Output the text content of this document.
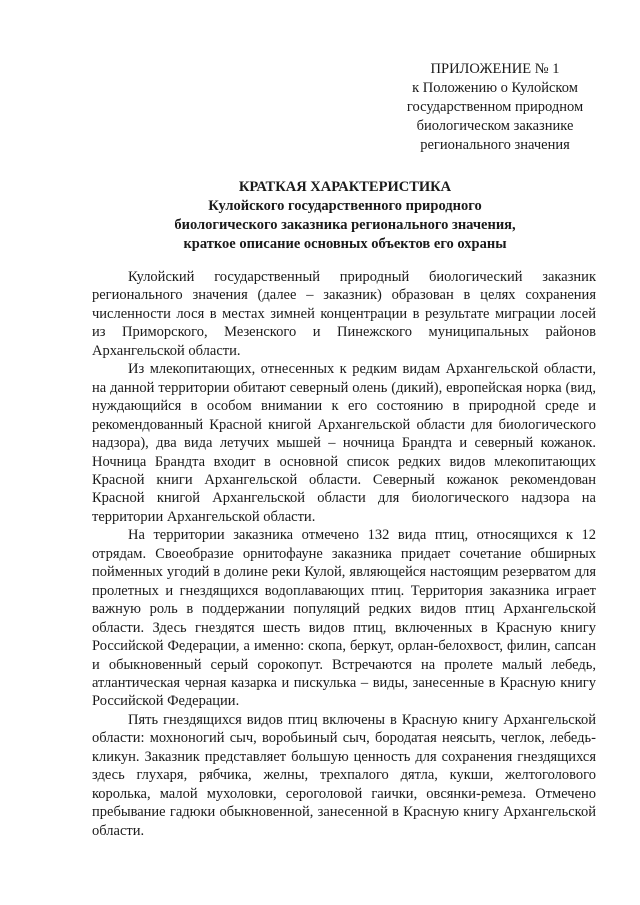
ПРИЛОЖЕНИЕ № 1
к Положению о Кулойском
государственном природном
биологическом заказнике
регионального значения
КРАТКАЯ ХАРАКТЕРИСТИКА
Кулойского государственного природного
биологического заказника регионального значения,
краткое описание основных объектов его охраны

Кулойский государственный природный биологический заказник регионального значения (далее – заказник) образован в целях сохранения численности лося в местах зимней концентрации в результате миграции лосей из Приморского, Мезенского и Пинежского муниципальных районов Архангельской области.

Из млекопитающих, отнесенных к редким видам Архангельской области, на данной территории обитают северный олень (дикий), европейская норка (вид, нуждающийся в особом внимании к его состоянию в природной среде и рекомендованный Красной книгой Архангельской области для биологического надзора), два вида летучих мышей – ночница Брандта и северный кожанок. Ночница Брандта входит в основной список редких видов млекопитающих Красной книги Архангельской области. Северный кожанок рекомендован Красной книгой Архангельской области для биологического надзора на территории Архангельской области.

На территории заказника отмечено 132 вида птиц, относящихся к 12 отрядам. Своеобразие орнитофауне заказника придает сочетание обширных пойменных угодий в долине реки Кулой, являющейся настоящим резерватом для пролетных и гнездящихся водоплавающих птиц. Территория заказника играет важную роль в поддержании популяций редких видов птиц Архангельской области. Здесь гнездятся шесть видов птиц, включенных в Красную книгу Российской Федерации, а именно: скопа, беркут, орлан-белохвост, филин, сапсан и обыкновенный серый сорокопут. Встречаются на пролете малый лебедь, атлантическая черная казарка и пискулька – виды, занесенные в Красную книгу Российской Федерации.

Пять гнездящихся видов птиц включены в Красную книгу Архангельской области: мохноногий сыч, воробьиный сыч, бородатая неясыть, чеглок, лебедь-кликун. Заказник представляет большую ценность для сохранения гнездящихся здесь глухаря, рябчика, желны, трехпалого дятла, кукши, желтоголового королька, малой мухоловки, сероголовой гаички, овсянки-ремеза. Отмечено пребывание гадюки обыкновенной, занесенной в Красную книгу Архангельской области.
